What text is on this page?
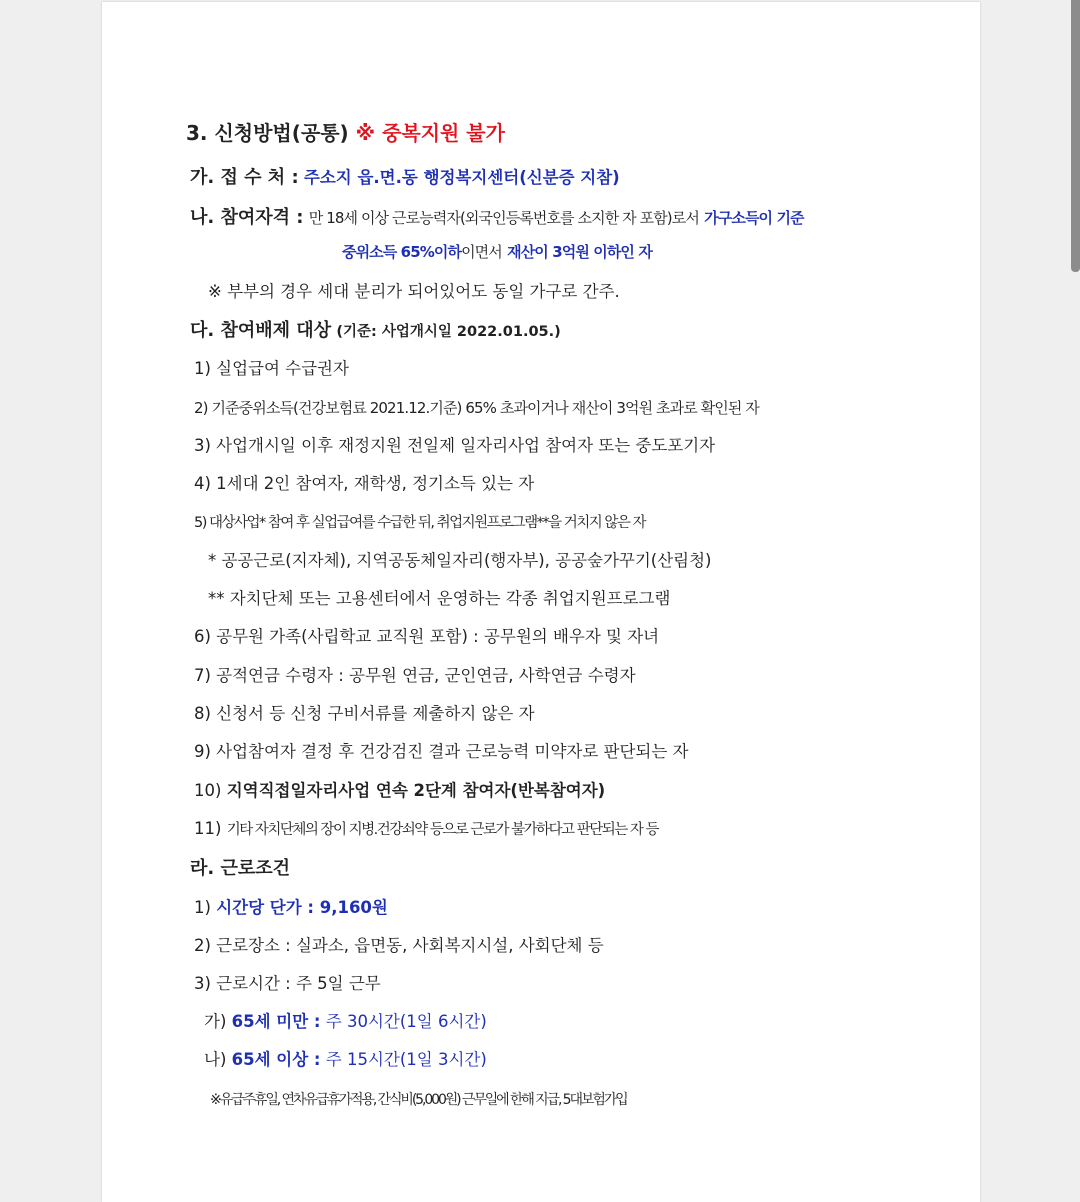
3. 신청방법(공통) ※ 중복지원 불가
가. 접 수 처 : 주소지 읍.면.동 행정복지센터(신분증 지참)
나. 참여자격 : 만 18세 이상 근로능력자(외국인등록번호를 소지한 자 포함)로서 가구소득이 기준
중위소득 65%이하이면서 재산이 3억원 이하인 자
※ 부부의 경우 세대 분리가 되어있어도 동일 가구로 간주.
다. 참여배제 대상 (기준: 사업개시일 2022.01.05.)
1) 실업급여 수급권자
2) 기준중위소득(건강보험료 2021.12.기준) 65% 초과이거나 재산이 3억원 초과로 확인된 자
3) 사업개시일 이후 재정지원 전일제 일자리사업 참여자 또는 중도포기자
4) 1세대 2인 참여자, 재학생, 정기소득 있는 자
5) 대상사업* 참여 후 실업급여를 수급한 뒤, 취업지원프로그램**을 거치지 않은 자
* 공공근로(지자체), 지역공동체일자리(행자부), 공공숲가꾸기(산림청)
** 자치단체 또는 고용센터에서 운영하는 각종 취업지원프로그램
6) 공무원 가족(사립학교 교직원 포함) : 공무원의 배우자 및 자녀
7) 공적연금 수령자 : 공무원 연금, 군인연금, 사학연금 수령자
8) 신청서 등 신청 구비서류를 제출하지 않은 자
9) 사업참여자 결정 후 건강검진 결과 근로능력 미약자로 판단되는 자
10) 지역직접일자리사업 연속 2단계 참여자(반복참여자)
11) 기타 자치단체의 장이 지병.건강쇠약 등으로 근로가 불가하다고 판단되는 자 등
라. 근로조건
1) 시간당 단가 : 9,160원
2) 근로장소 : 실과소, 읍면동, 사회복지시설, 사회단체 등
3) 근로시간 : 주 5일 근무
가) 65세 미만 : 주 30시간(1일 6시간)
나) 65세 이상 : 주 15시간(1일 3시간)
※유급주휴일, 연차유급휴가적용, 간식비(5,000원) 근무일에 한해 지급, 5대보험가입
